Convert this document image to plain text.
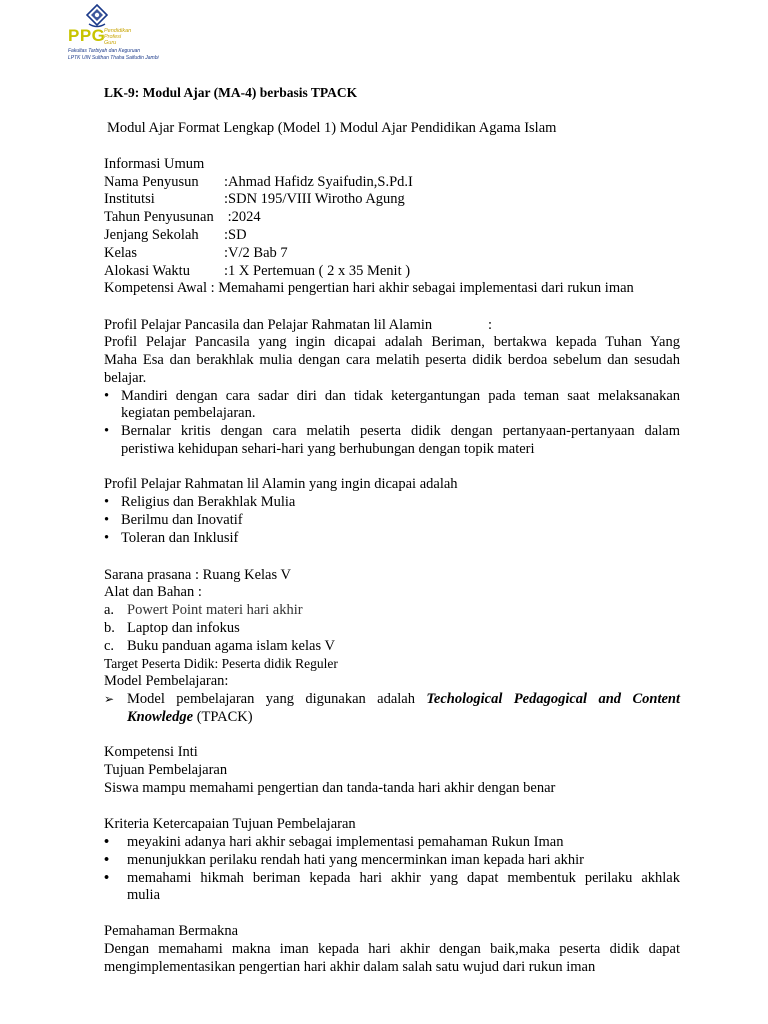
PPG
Pendidikan
Profesi
Guru
Fakultas Tarbiyah dan Keguruan
LPTK UIN Sulthan Thaha Saifudin Jambi
LK-9: Modul Ajar (MA-4) berbasis TPACK
Modul Ajar Format Lengkap (Model 1) Modul Ajar Pendidikan Agama Islam
Informasi Umum
Nama Penyusun :Ahmad Hafidz Syaifudin,S.Pd.I
Institutsi	:SDN 195/VIII Wirotho Agung
Tahun Penyusunan :2024
Jenjang Sekolah :SD
Kelas	:V/2 Bab 7
Alokasi Waktu :1 X Pertemuan ( 2 x 35 Menit )
Kompetensi Awal : Memahami pengertian hari akhir sebagai implementasi dari rukun iman
Profil Pelajar Pancasila dan Pelajar Rahmatan lil Alamin	:
Profil Pelajar Pancasila yang ingin dicapai adalah Beriman, bertakwa kepada Tuhan Yang
Maha Esa dan berakhlak mulia dengan cara melatih peserta didik berdoa sebelum dan sesudah
belajar.
• Mandiri dengan cara sadar diri dan tidak ketergantungan pada teman saat melaksanakan
kegiatan pembelajaran.
• Bernalar kritis dengan cara melatih peserta didik dengan pertanyaan-pertanyaan dalam
peristiwa kehidupan sehari-hari yang berhubungan dengan topik materi
Profil Pelajar Rahmatan lil Alamin yang ingin dicapai adalah
• Religius dan Berakhlak Mulia
• Berilmu dan Inovatif
• Toleran dan Inklusif
Sarana prasana : Ruang Kelas V
Alat dan Bahan :
a. Powert Point materi hari akhir
b. Laptop dan infokus
c. Buku panduan agama islam kelas V
Target Peserta Didik: Peserta didik Reguler
Model Pembelajaran:
➢ Model pembelajaran yang digunakan adalah Techological Pedagogical and Content
Knowledge (TPACK)
Kompetensi Inti
Tujuan Pembelajaran
Siswa mampu memahami pengertian dan tanda-tanda hari akhir dengan benar
Kriteria Ketercapaian Tujuan Pembelajaran
• meyakini adanya hari akhir sebagai implementasi pemahaman Rukun Iman
• menunjukkan perilaku rendah hati yang mencerminkan iman kepada hari akhir
• memahami hikmah beriman kepada hari akhir yang dapat membentuk perilaku akhlak
mulia
Pemahaman Bermakna
Dengan memahami makna iman kepada hari akhir dengan baik,maka peserta didik dapat
mengimplementasikan pengertian hari akhir dalam salah satu wujud dari rukun iman
